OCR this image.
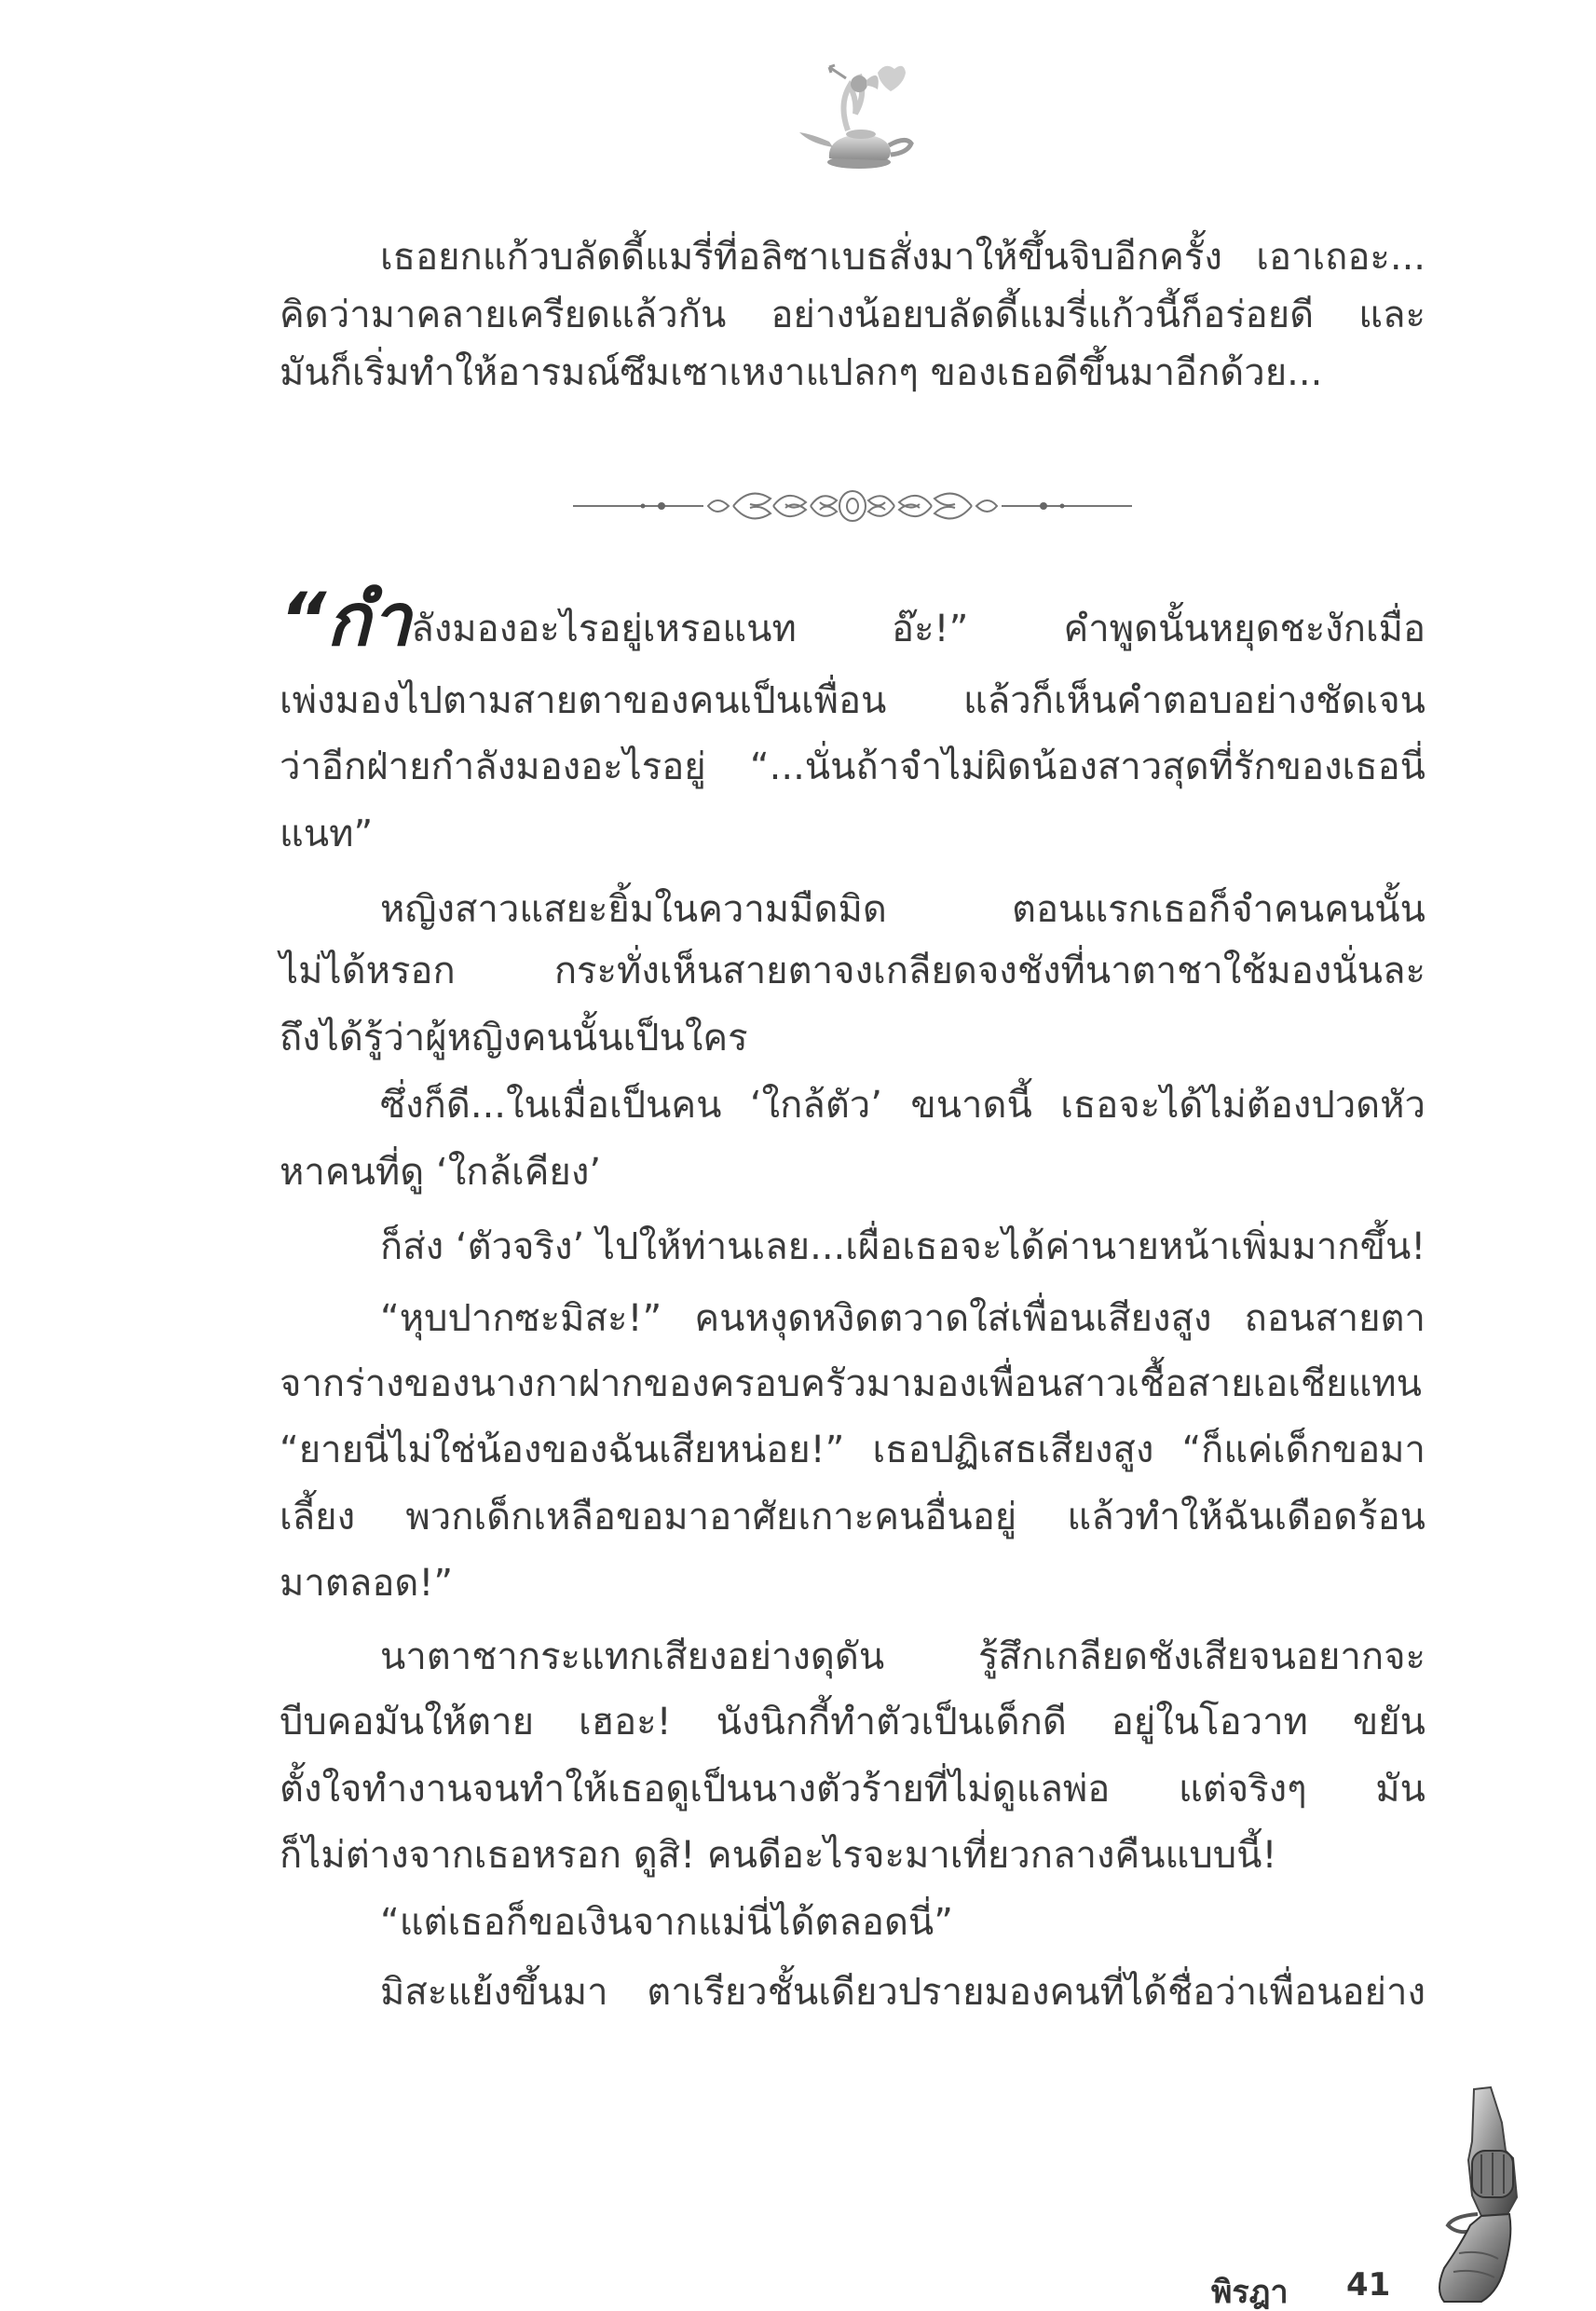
เธอยกแก้วบลัดดี้แมรี่ที่อลิซาเบธสั่งมาให้ขึ้นจิบอีกครั้ง เอาเถอะ...
คิดว่ามาคลายเครียดแล้วกัน อย่างน้อยบลัดดี้แมรี่แก้วนี้ก็อร่อยดี และ
มันก็เริ่มทำให้อารมณ์ซึมเซาเหงาแปลกๆ ของเธอดีขึ้นมาอีกด้วย...
“กำลังมองอะไรอยู่เหรอแนท อ๊ะ!” คำพูดนั้นหยุดชะงักเมื่อ
เพ่งมองไปตามสายตาของคนเป็นเพื่อน แล้วก็เห็นคำตอบอย่างชัดเจน
ว่าอีกฝ่ายกำลังมองอะไรอยู่ “...นั่นถ้าจำไม่ผิดน้องสาวสุดที่รักของเธอนี่
แนท”
หญิงสาวแสยะยิ้มในความมืดมิด ตอนแรกเธอก็จำคนคนนั้น
ไม่ได้หรอก กระทั่งเห็นสายตาจงเกลียดจงชังที่นาตาชาใช้มองนั่นละ
ถึงได้รู้ว่าผู้หญิงคนนั้นเป็นใคร
ซึ่งก็ดี...ในเมื่อเป็นคน ‘ใกล้ตัว’ ขนาดนี้ เธอจะได้ไม่ต้องปวดหัว
หาคนที่ดู ‘ใกล้เคียง’
ก็ส่ง ‘ตัวจริง’ ไปให้ท่านเลย...เผื่อเธอจะได้ค่านายหน้าเพิ่มมากขึ้น!
“หุบปากซะมิสะ!” คนหงุดหงิดตวาดใส่เพื่อนเสียงสูง ถอนสายตา
จากร่างของนางกาฝากของครอบครัวมามองเพื่อนสาวเชื้อสายเอเชียแทน
“ยายนี่ไม่ใช่น้องของฉันเสียหน่อย!” เธอปฏิเสธเสียงสูง “ก็แค่เด็กขอมา
เลี้ยง พวกเด็กเหลือขอมาอาศัยเกาะคนอื่นอยู่ แล้วทำให้ฉันเดือดร้อน
มาตลอด!”
นาตาชากระแทกเสียงอย่างดุดัน รู้สึกเกลียดชังเสียจนอยากจะ
บีบคอมันให้ตาย เฮอะ! นังนิกกี้ทำตัวเป็นเด็กดี อยู่ในโอวาท ขยัน
ตั้งใจทำงานจนทำให้เธอดูเป็นนางตัวร้ายที่ไม่ดูแลพ่อ แต่จริงๆ มัน
ก็ไม่ต่างจากเธอหรอก ดูสิ! คนดีอะไรจะมาเที่ยวกลางคืนแบบนี้!
“แต่เธอก็ขอเงินจากแม่นี่ได้ตลอดนี่”
มิสะแย้งขึ้นมา ตาเรียวชั้นเดียวปรายมองคนที่ได้ชื่อว่าเพื่อนอย่าง
พิรฎา 41
